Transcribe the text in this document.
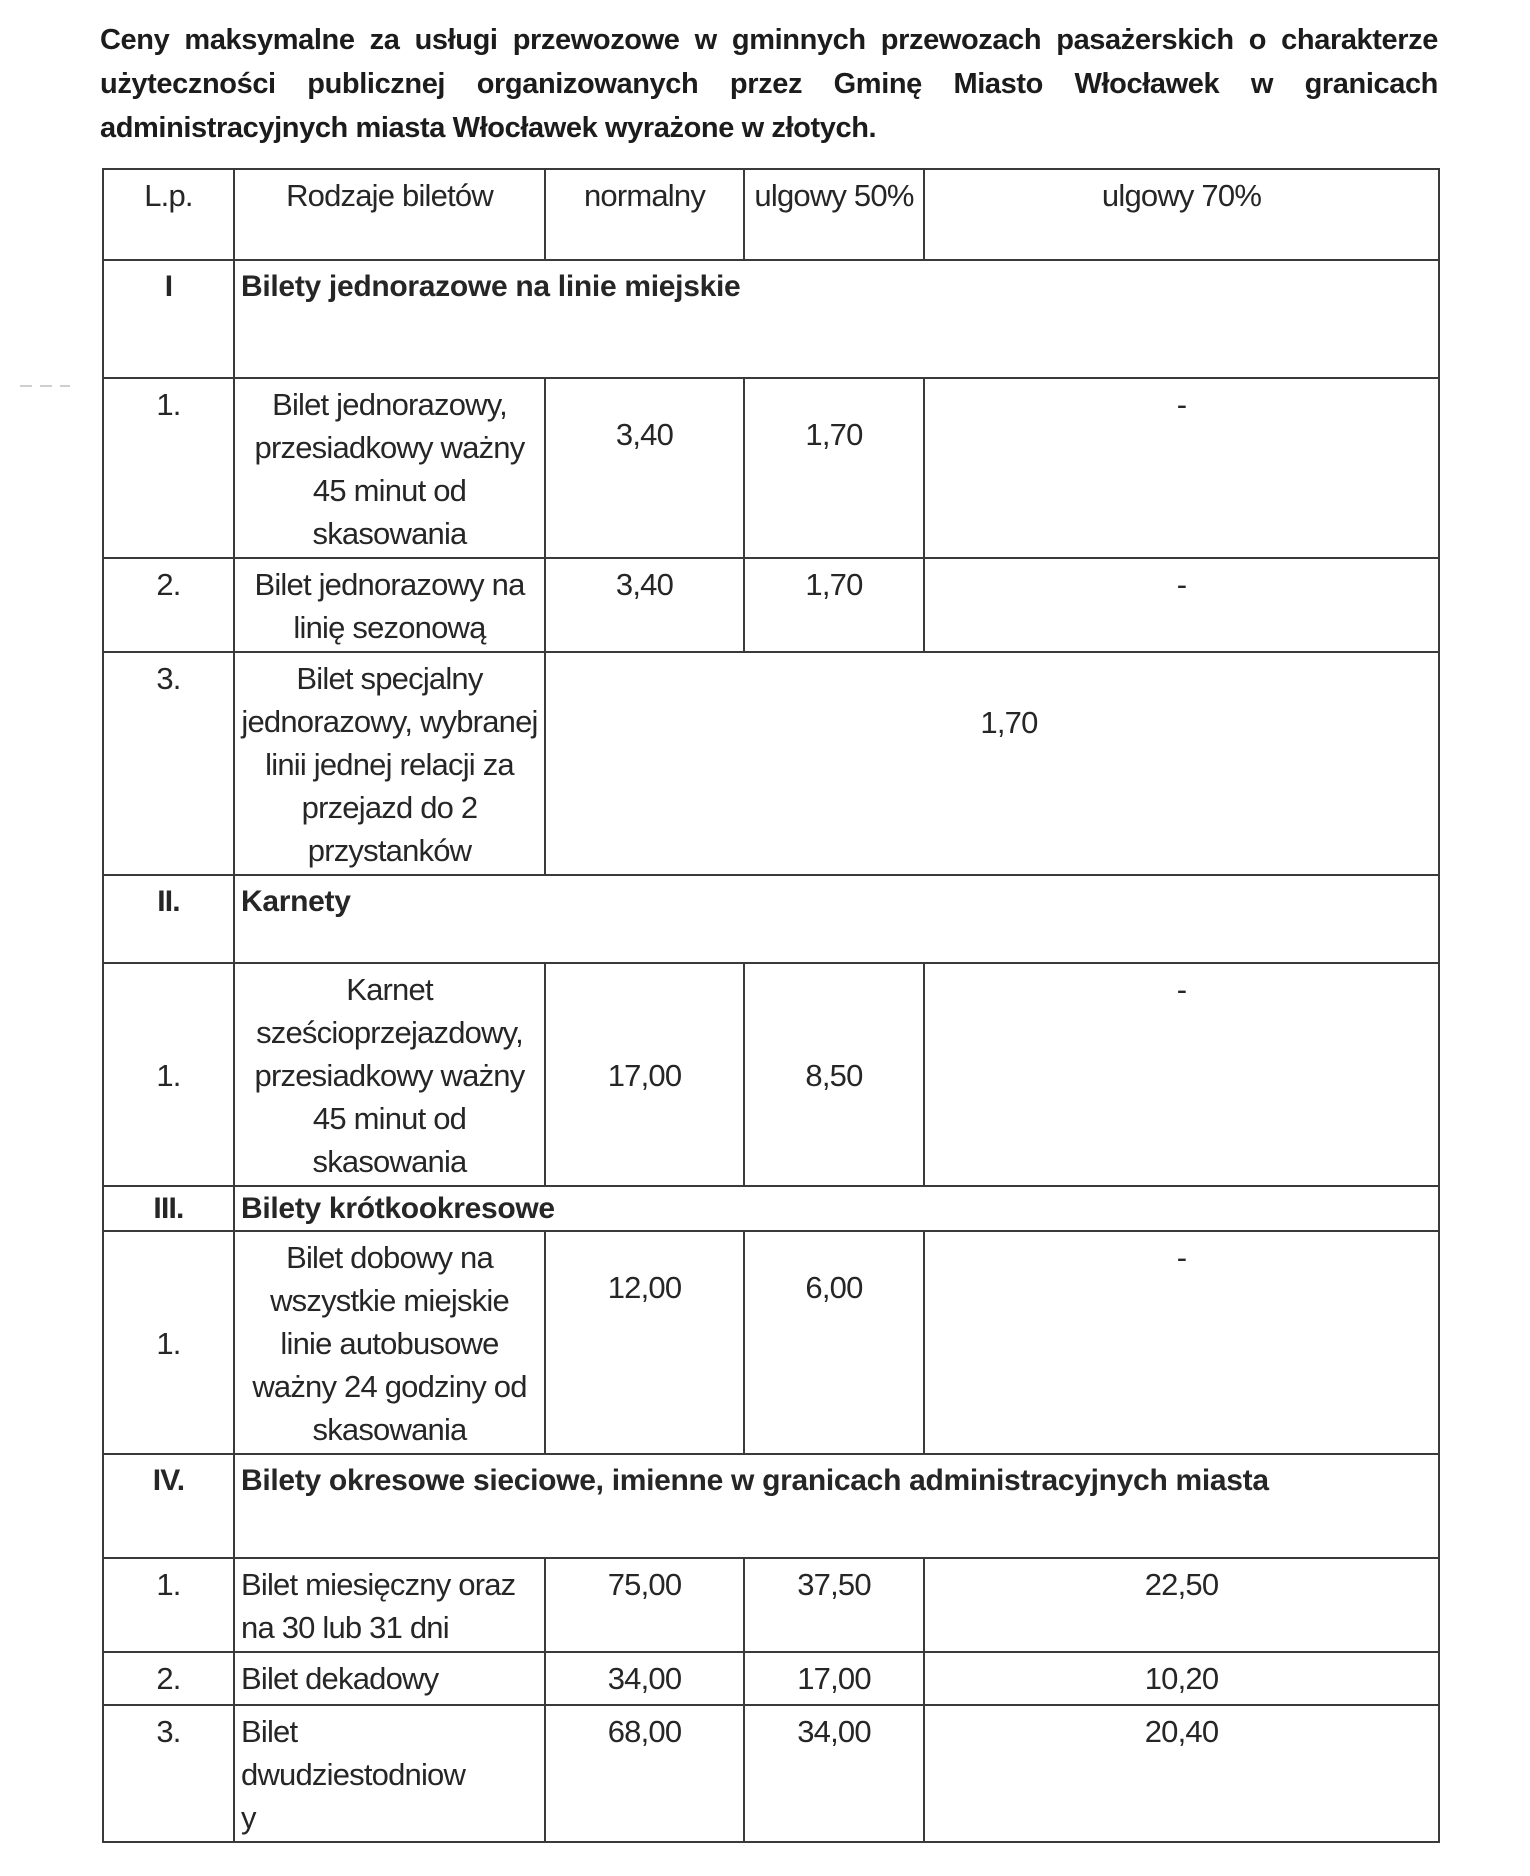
Ceny maksymalne za usługi przewozowe w gminnych przewozach pasażerskich o charakterze użyteczności publicznej organizowanych przez Gminę Miasto Włocławek w granicach administracyjnych miasta Włocławek wyrażone w złotych.
L.p.	Rodzaje biletów	normalny	ulgowy 50%	ulgowy 70%
I	Bilety jednorazowe na linie miejskie			
1.	Bilet jednorazowy, przesiadkowy ważny 45 minut od skasowania	3,40	1,70	-
2.	Bilet jednorazowy na linię sezonową	3,40	1,70	-
3.	Bilet specjalny jednorazowy, wybranej linii jednej relacji za przejazd do 2 przystanków	1,70		
II.	Karnety			
1.	Karnet sześcioprzejazdowy, przesiadkowy ważny 45 minut od skasowania	17,00	8,50	-
III.	Bilety krótkookresowe			
1.	Bilet dobowy na wszystkie miejskie linie autobusowe ważny 24 godziny od skasowania	12,00	6,00	-
IV.	Bilety okresowe sieciowe, imienne w granicach administracyjnych miasta			
1.	Bilet miesięczny oraz na 30 lub 31 dni	75,00	37,50	22,50
2.	Bilet dekadowy	34,00	17,00	10,20
3.	Bilet dwudziestodniowy	68,00	34,00	20,40
